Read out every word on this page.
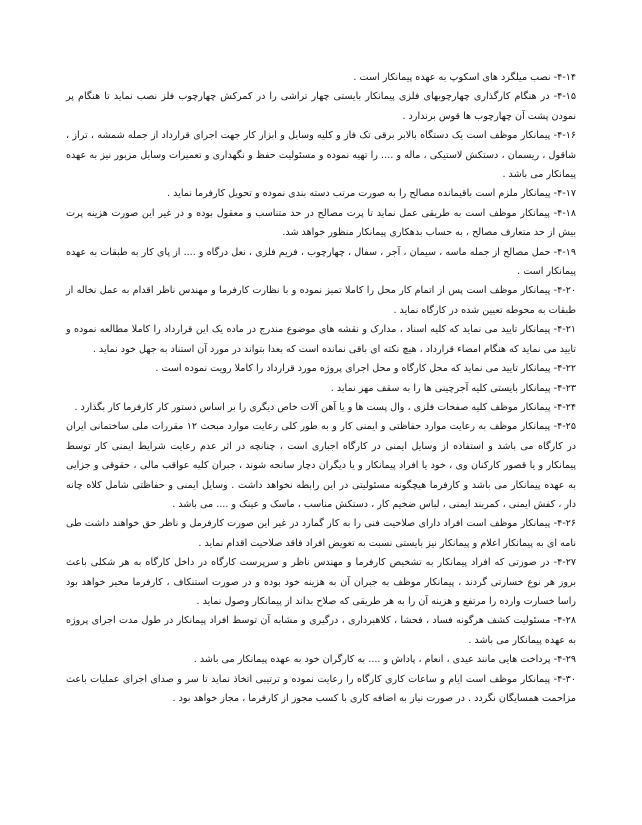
۴-۱۴- نصب میلگرد های اسکوپ به عهده پیمانکار است .

۴-۱۵- در هنگام کارگذاری چهارچوبهای فلزی پیمانکار بایستی چهار تراشی را در کمرکش چهارچوب فلز نصب نماید تا هنگام پر نمودن پشت آن چهارچوب ها قوس برندارد .

۴-۱۶- پیمانکار موظف است یک دستگاه بالابر برقی تک فاز و کلیه وسایل و ابزار کار جهت اجرای قرارداد از جمله شمشه ، تراز ، شاقول ، ریسمان ، دستکش لاستیکی ، ماله و .... را تهیه نموده و مسئولیت حفظ و نگهداری و تعمیرات وسایل مزبور نیز به عهده پیمانکار می باشد .

۴-۱۷- پیمانکار ملزم است باقیمانده مصالح را به صورت مرتب دسته بندی نموده و تحویل کارفرما نماید .

۴-۱۸- پیمانکار موظف است به طریقی عمل نماید تا پرت مصالح در حد متناسب و معقول بوده و در غیر این صورت هزینه پرت بیش از حد متعارف مصالح ، به حساب بدهکاری پیمانکار منظور خواهد شد.

۴-۱۹- حمل مصالح از جمله ماسه ، سیمان ، آجر ، سفال ، چهارچوب ، فریم فلزی ، نعل درگاه و .... از پای کار به طبقات به عهده پیمانکار است .

۴-۲۰- پیمانکار موظف است پس از اتمام کار محل را کاملا تمیز نموده و با نظارت کارفرما و مهندس ناظر اقدام به عمل نخاله از طبقات به محوطه تعیین شده در کارگاه نماید .

۴-۲۱- پیمانکار تایید می نماید که کلیه اسناد ، مدارک و نقشه های موضوع مندرج در ماده یک این قرارداد را کاملا مطالعه نموده و تایید می نماید که هنگام امضاء قرارداد ، هیچ نکته ای باقی نمانده است که بعدا بتواند در مورد آن استناد به جهل خود نماید .

۴-۲۲- پیمانکار تایید می نماید که محل کارگاه و محل اجرای پروژه مورد قرارداد را کاملا رویت نموده است .

۴-۲۳- پیمانکار بایستی کلیه آجرچینی ها را به سقف مهر نماید .

۴-۲۴- پیمانکار موظف کلیه صفحات فلزی ، وال پست ها و یا آهن آلات خاص دیگری را بر اساس دستور کار کارفرما کار بگذارد .

۴-۲۵- پیمانکار موظف به رعایت موارد حفاظتی و ایمنی کار و به طور کلی رعایت موارد مبحث ۱۲ مقررات ملی ساختمانی ایران در کارگاه می باشد و استفاده از وسایل ایمنی در کارگاه اجباری است ، چنانچه در اثر عدم رعایت شرایط ایمنی کار توسط پیمانکار و یا قصور کارکنان وی ، خود یا افراد پیمانکار و یا دیگران دچار سانحه شوند ، جبران کلیه عواقب مالی ، حقوقی و جزایی به عهده پیمانکار می باشد و کارفرما هیچگونه مسئولیتی در این رابطه نخواهد داشت . وسایل ایمنی و حفاظتی شامل کلاه چانه دار ، کفش ایمنی ، کمربند ایمنی ، لباس ضخیم کار ، دستکش مناسب ، ماسک و عینک و .... می باشد .

۴-۲۶- پیمانکار موظف است افراد دارای صلاحیت فنی را به کار گمارد در غیر این صورت کارفرمل و ناظر حق خواهند داشت طی نامه ای به پیمانکار اعلام و پیمانکار نیز بایستی نسبت به تعویض افراد فاقد صلاحیت اقدام نماید .

۴-۲۷- در صورتی که افراد پیمانکار به تشخیص کارفرما و مهندس ناظر و سرپرست کارگاه در داخل کارگاه به هر شکلی باعث بروز هر نوع خسارتی گردند ، پیمانکار موظف به جبران آن به هزینه خود بوده و در صورت استنکاف ، کارفرما مخیر خواهد بود راسا خسارت وارده را مرتفع و هزینه آن را به هر طریقی که صلاح بداند از پیمانکار وصول نماید .

۴-۲۸- مسئولیت کشف هرگونه فساد ، فحشا ، کلاهبرداری ، درگیری و مشابه آن توسط افراد پیمانکار در طول مدت اجرای پروژه به عهده پیمانکار می باشد .

۴-۲۹- پرداخت هایی مانند عیدی ، انعام ، پاداش و .... به کارگران خود به عهده پیمانکار می باشد .

۴-۳۰- پیمانکار موظف است ایام و ساعات کاری کارگاه را رعایت نموده و ترتیبی اتخاذ نماید تا سر و صدای اجرای عملیات باعث مزاحمت همسایگان نگردد . در صورت نیاز به اضافه کاری با کسب مجوز از کارفرما ، مجاز خواهد بود .
